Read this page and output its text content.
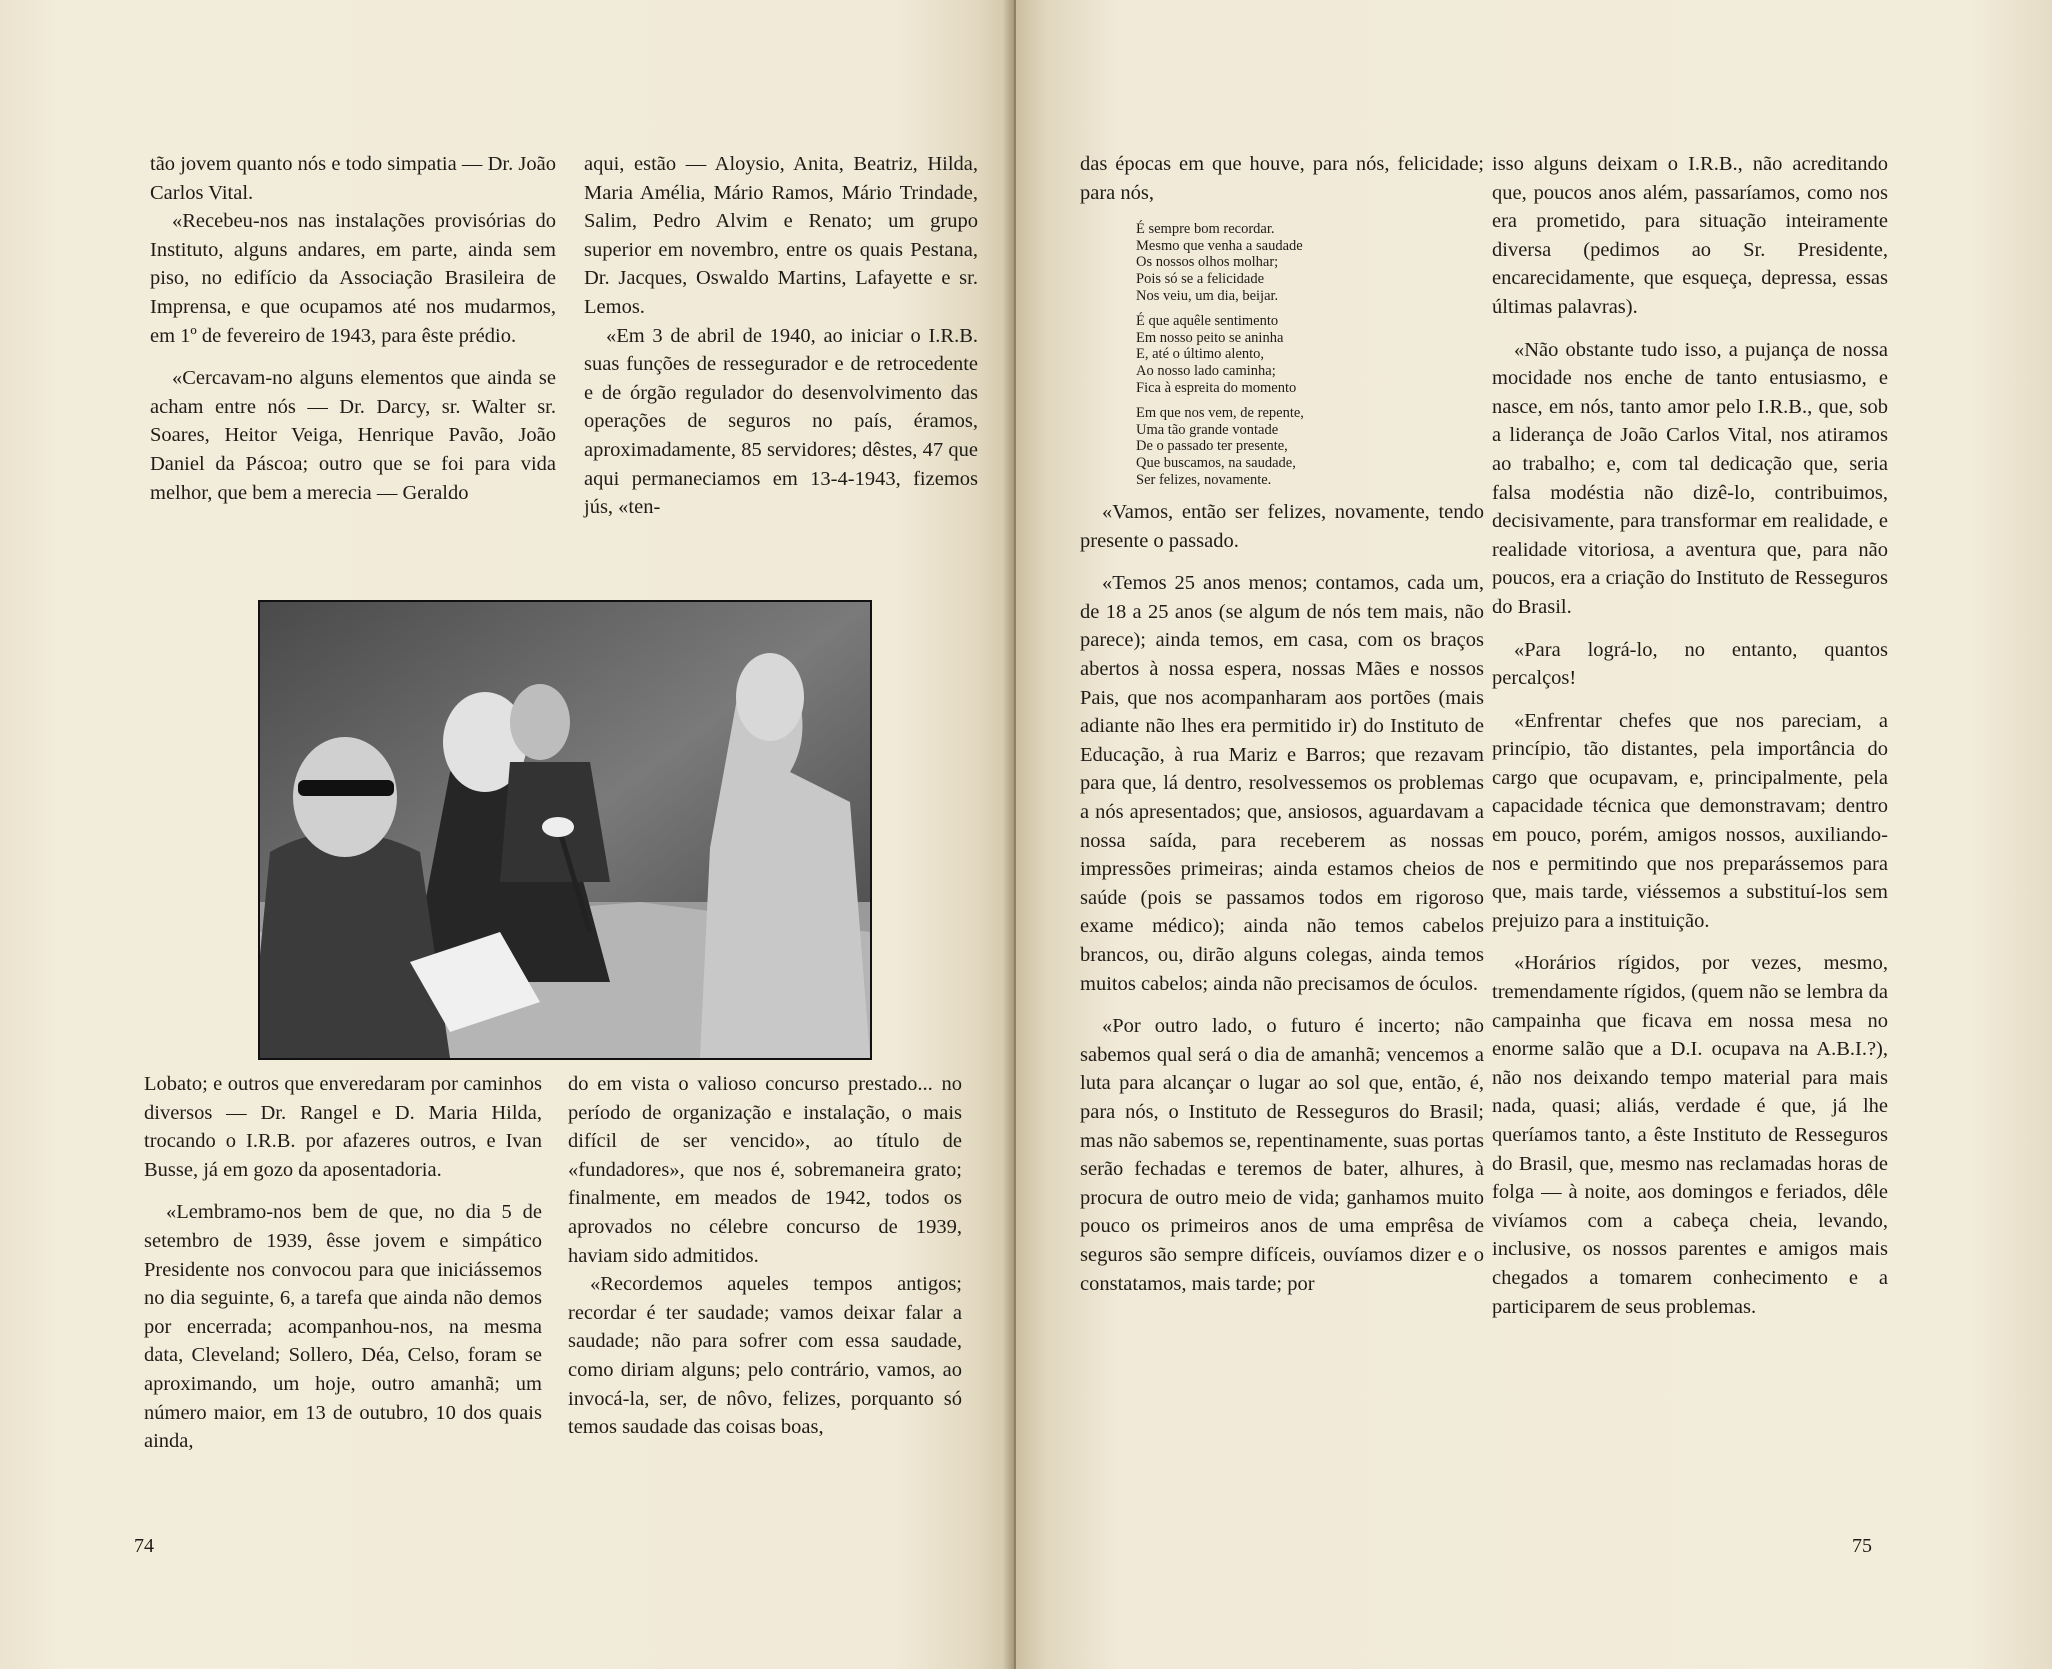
tão jovem quanto nós e todo simpatia — Dr. João Carlos Vital.

«Recebeu-nos nas instalações provisórias do Instituto, alguns andares, em parte, ainda sem piso, no edifício da Associação Brasileira de Imprensa, e que ocupamos até nos mudarmos, em 1º de fevereiro de 1943, para êste prédio.

«Cercavam-no alguns elementos que ainda se acham entre nós — Dr. Darcy, sr. Walter sr. Soares, Heitor Veiga, Henrique Pavão, João Daniel da Páscoa; outro que se foi para vida melhor, que bem a merecia — Geraldo

aqui, estão — Aloysio, Anita, Beatriz, Hilda, Maria Amélia, Mário Ramos, Mário Trindade, Salim, Pedro Alvim e Renato; um grupo superior em novembro, entre os quais Pestana, Dr. Jacques, Oswaldo Martins, Lafayette e sr. Lemos.

«Em 3 de abril de 1940, ao iniciar o I.R.B. suas funções de ressegurador e de retrocedente e de órgão regulador do desenvolvimento das operações de seguros no país, éramos, aproximadamente, 85 servidores; dêstes, 47 que aqui permaneciamos em 13-4-1943, fizemos jús, «ten-

Lobato; e outros que enveredaram por caminhos diversos — Dr. Rangel e D. Maria Hilda, trocando o I.R.B. por afazeres outros, e Ivan Busse, já em gozo da aposentadoria.

«Lembramo-nos bem de que, no dia 5 de setembro de 1939, êsse jovem e simpático Presidente nos convocou para que iniciássemos no dia seguinte, 6, a tarefa que ainda não demos por encerrada; acompanhou-nos, na mesma data, Cleveland; Sollero, Déa, Celso, foram se aproximando, um hoje, outro amanhã; um número maior, em 13 de outubro, 10 dos quais ainda,

do em vista o valioso concurso prestado... no período de organização e instalação, o mais difícil de ser vencido», ao título de «fundadores», que nos é, sobremaneira grato; finalmente, em meados de 1942, todos os aprovados no célebre concurso de 1939, haviam sido admitidos.

«Recordemos aqueles tempos antigos; recordar é ter saudade; vamos deixar falar a saudade; não para sofrer com essa saudade, como diriam alguns; pelo contrário, vamos, ao invocá-la, ser, de nôvo, felizes, porquanto só temos saudade das coisas boas,

74

das épocas em que houve, para nós, felicidade; para nós,

É sempre bom recordar.
Mesmo que venha a saudade
Os nossos olhos molhar;
Pois só se a felicidade
Nos veiu, um dia, beijar.
É que aquêle sentimento
Em nosso peito se aninha
E, até o último alento,
Ao nosso lado caminha;
Fica à espreita do momento
Em que nos vem, de repente,
Uma tão grande vontade
De o passado ter presente,
Que buscamos, na saudade,
Ser felizes, novamente.

«Vamos, então ser felizes, novamente, tendo presente o passado.

«Temos 25 anos menos; contamos, cada um, de 18 a 25 anos (se algum de nós tem mais, não parece); ainda temos, em casa, com os braços abertos à nossa espera, nossas Mães e nossos Pais, que nos acompanharam aos portões (mais adiante não lhes era permitido ir) do Instituto de Educação, à rua Mariz e Barros; que rezavam para que, lá dentro, resolvessemos os problemas a nós apresentados; que, ansiosos, aguardavam a nossa saída, para receberem as nossas impressões primeiras; ainda estamos cheios de saúde (pois se passamos todos em rigoroso exame médico); ainda não temos cabelos brancos, ou, dirão alguns colegas, ainda temos muitos cabelos; ainda não precisamos de óculos.

«Por outro lado, o futuro é incerto; não sabemos qual será o dia de amanhã; vencemos a luta para alcançar o lugar ao sol que, então, é, para nós, o Instituto de Resseguros do Brasil; mas não sabemos se, repentinamente, suas portas serão fechadas e teremos de bater, alhures, à procura de outro meio de vida; ganhamos muito pouco os primeiros anos de uma emprêsa de seguros são sempre difíceis, ouvíamos dizer e o constatamos, mais tarde; por

isso alguns deixam o I.R.B., não acreditando que, poucos anos além, passaríamos, como nos era prometido, para situação inteiramente diversa (pedimos ao Sr. Presidente, encarecidamente, que esqueça, depressa, essas últimas palavras).

«Não obstante tudo isso, a pujança de nossa mocidade nos enche de tanto entusiasmo, e nasce, em nós, tanto amor pelo I.R.B., que, sob a liderança de João Carlos Vital, nos atiramos ao trabalho; e, com tal dedicação que, seria falsa modéstia não dizê-lo, contribuimos, decisivamente, para transformar em realidade, e realidade vitoriosa, a aventura que, para não poucos, era a criação do Instituto de Resseguros do Brasil.

«Para lográ-lo, no entanto, quantos percalços!

«Enfrentar chefes que nos pareciam, a princípio, tão distantes, pela importância do cargo que ocupavam, e, principalmente, pela capacidade técnica que demonstravam; dentro em pouco, porém, amigos nossos, auxiliando-nos e permitindo que nos preparássemos para que, mais tarde, viéssemos a substituí-los sem prejuizo para a instituição.

«Horários rígidos, por vezes, mesmo, tremendamente rígidos, (quem não se lembra da campainha que ficava em nossa mesa no enorme salão que a D.I. ocupava na A.B.I.?), não nos deixando tempo material para mais nada, quasi; aliás, verdade é que, já lhe queríamos tanto, a êste Instituto de Resseguros do Brasil, que, mesmo nas reclamadas horas de folga — à noite, aos domingos e feriados, dêle vivíamos com a cabeça cheia, levando, inclusive, os nossos parentes e amigos mais chegados a tomarem conhecimento e a participarem de seus problemas.

75
